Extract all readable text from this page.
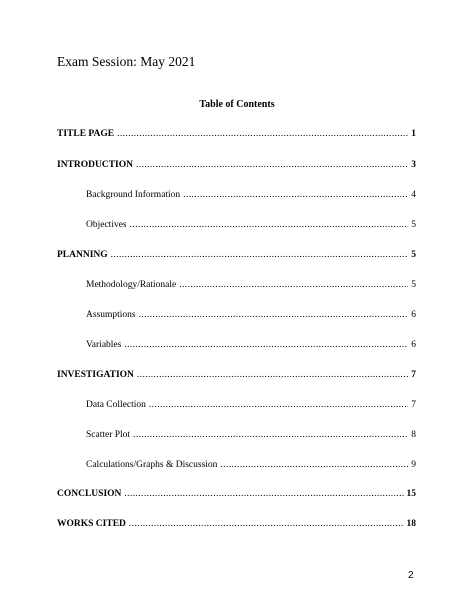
Exam Session: May 2021
Table of Contents
TITLE PAGE .....	1
INTRODUCTION .....	3
Background Information .....	4
Objectives .....	5
PLANNING .....	5
Methodology/Rationale .....	5
Assumptions .....	6
Variables .....	6
INVESTIGATION .....	7
Data Collection .....	7
Scatter Plot .....	8
Calculations/Graphs & Discussion .....	9
CONCLUSION .....	15
WORKS CITED .....	18
2
